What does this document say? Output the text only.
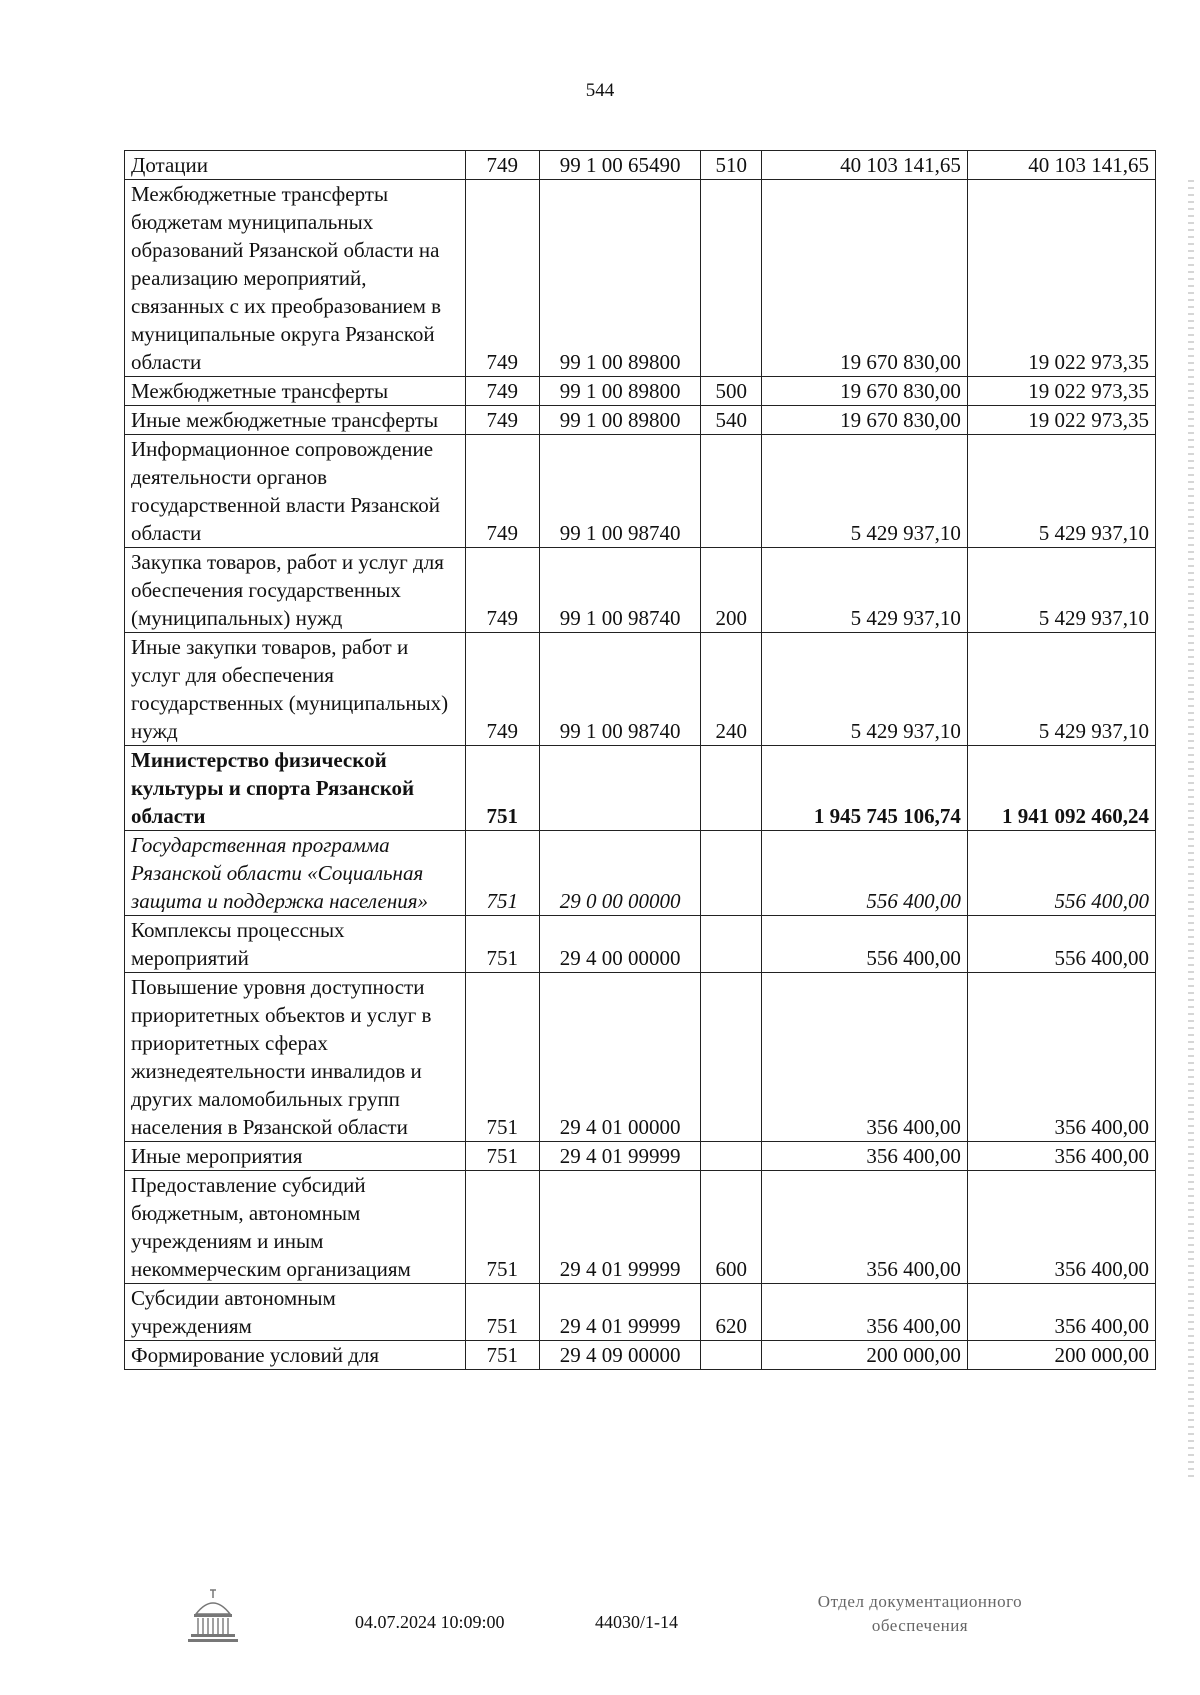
544
Дотации	749	99 1 00 65490	510	40 103 141,65	40 103 141,65
Межбюджетные трансферты бюджетам муниципальных образований Рязанской области на реализацию мероприятий, связанных с их преобразованием в муниципальные округа Рязанской области	749	99 1 00 89800		19 670 830,00	19 022 973,35
Межбюджетные трансферты	749	99 1 00 89800	500	19 670 830,00	19 022 973,35
Иные межбюджетные трансферты	749	99 1 00 89800	540	19 670 830,00	19 022 973,35
Информационное сопровождение деятельности органов государственной власти Рязанской области	749	99 1 00 98740		5 429 937,10	5 429 937,10
Закупка товаров, работ и услуг для обеспечения государственных (муниципальных) нужд	749	99 1 00 98740	200	5 429 937,10	5 429 937,10
Иные закупки товаров, работ и услуг для обеспечения государственных (муниципальных) нужд	749	99 1 00 98740	240	5 429 937,10	5 429 937,10
Министерство физической культуры и спорта Рязанской области	751			1 945 745 106,74	1 941 092 460,24
Государственная программа Рязанской области «Социальная защита и поддержка населения»	751	29 0 00 00000		556 400,00	556 400,00
Комплексы процессных мероприятий	751	29 4 00 00000		556 400,00	556 400,00
Повышение уровня доступности приоритетных объектов и услуг в приоритетных сферах жизнедеятельности инвалидов и других маломобильных групп населения в Рязанской области	751	29 4 01 00000		356 400,00	356 400,00
Иные мероприятия	751	29 4 01 99999		356 400,00	356 400,00
Предоставление субсидий бюджетным, автономным учреждениям и иным некоммерческим организациям	751	29 4 01 99999	600	356 400,00	356 400,00
Субсидии автономным учреждениям	751	29 4 01 99999	620	356 400,00	356 400,00
Формирование условий для	751	29 4 09 00000		200 000,00	200 000,00
04.07.2024 10:09:00	44030/1-14
Отдел документационного
обеспечения
